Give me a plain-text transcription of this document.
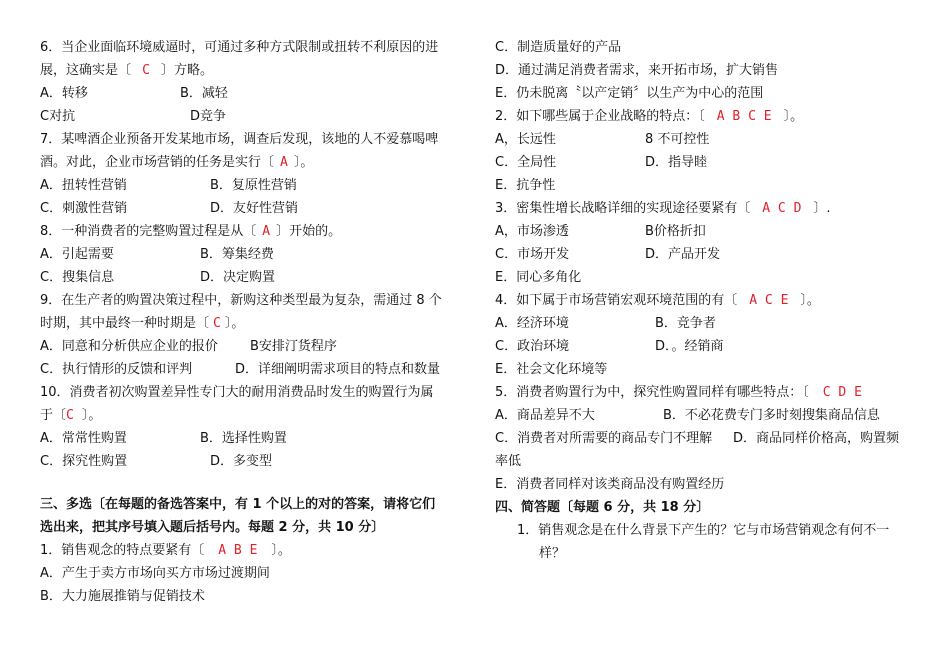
6．当企业面临环境威逼时，可通过多种方式限制或扭转不利原因的进
展，这确实是〔 C 〕方略。
A．转移	B．减轻
C对抗	D竞争
7．某啤酒企业预备开发某地市场，调查后发现，该地的人不爱慕喝啤
酒。对此，企业市场营销的任务是实行〔 A 〕。
A．扭转性营销	B．复原性营销
C．刺激性营销	D．友好性营销
8．一种消费者的完整购置过程是从〔 A 〕开始的。
A．引起需要	B．筹集经费
C．搜集信息	D．决定购置
9．在生产者的购置决策过程中，新购这种类型最为复杂，需通过 8 个
时期，其中最终一种时期是〔 C 〕。
A．同意和分析供应企业的报价 B安排汀货程序
C．执行情形的反馈和评判	D．详细阐明需求项目的特点和数量
10．消费者初次购置差异性专门大的耐用消费品时发生的购置行为属
于〔C 〕。
A．常常性购置	B．选择性购置
C．探究性购置	D．多变型
三、多选〔在每题的备选答案中，有 1 个以上的对的答案，请将它们
选出来，把其序号填入题后括号内。每题 2 分，共 10 分〕
1．销售观念的特点要紧有〔 A B E 〕。
A．产生于卖方市场向买方市场过渡期间
B．大力施展推销与促销技术
C．制造质量好的产品
D．通过满足消费者需求，来开拓市场，扩大销售
E．仍未脱离〝以产定销〞以生产为中心的范围
2．如下哪些属于企业战略的特点：〔 A B C E 〕。
A，长远性	8 不可控性
C．全局性	D．指导睦
E．抗争性
3．密集性增长战略详细的实现途径要紧有〔 A C D 〕.
A，市场渗透	B价格折扣
C．市场开发	D．产品开发
E．同心多角化
4．如下属于市场营销宏观环境范围的有〔 A C E 〕。
A．经济环境	B．竞争者
C．政治环境	D．。经销商
E．社会文化环境等
5．消费者购置行为中，探究性购置同样有哪些特点：〔 C D E
A．商品差异不大	B．不必花费专门多时刻搜集商品信息
C．消费者对所需要的商品专门不理解 D．商品同样价格高，购置频
率低
E．消费者同样对该类商品没有购置经历
四、简答题〔每题 6 分，共 18 分〕
1．销售观念是在什么背景下产生的？它与市场营销观念有何不一
样？
